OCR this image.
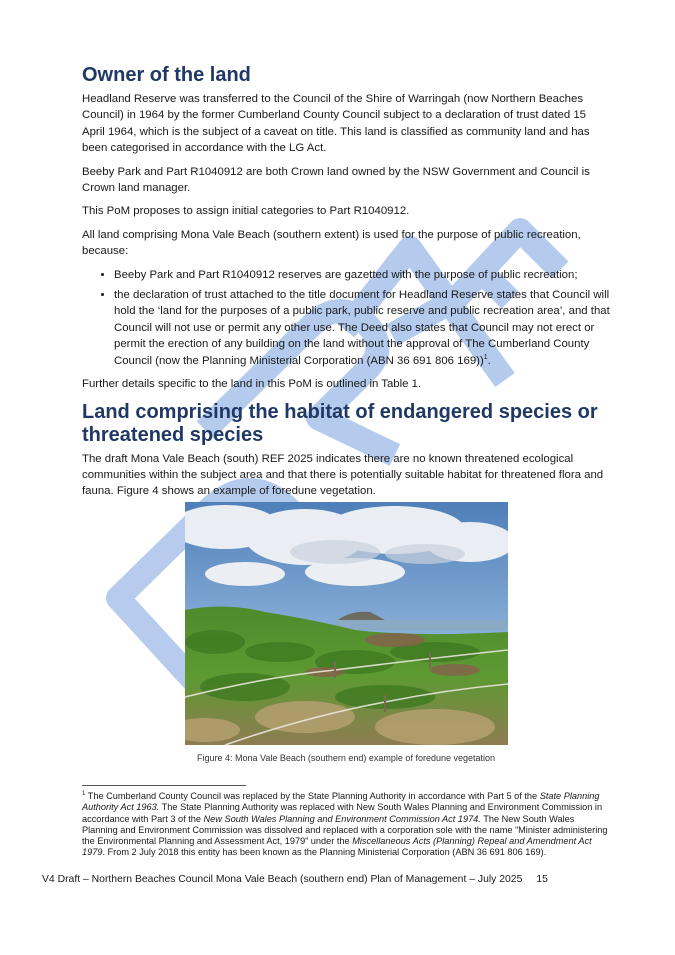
Owner of the land

Headland Reserve was transferred to the Council of the Shire of Warringah (now Northern Beaches Council) in 1964 by the former Cumberland County Council subject to a declaration of trust dated 15 April 1964, which is the subject of a caveat on title. This land is classified as community land and has been categorised in accordance with the LG Act.

Beeby Park and Part R1040912 are both Crown land owned by the NSW Government and Council is Crown land manager.

This PoM proposes to assign initial categories to Part R1040912.

All land comprising Mona Vale Beach (southern extent) is used for the purpose of public recreation, because:

• Beeby Park and Part R1040912 reserves are gazetted with the purpose of public recreation;
• the declaration of trust attached to the title document for Headland Reserve states that Council will hold the ‘land for the purposes of a public park, public reserve and public recreation area’, and that Council will not use or permit any other use. The Deed also states that Council may not erect or permit the erection of any building on the land without the approval of The Cumberland County Council (now the Planning Ministerial Corporation (ABN 36 691 806 169))$^1$.

Further details specific to the land in this PoM is outlined in Table 1.

Land comprising the habitat of endangered species or threatened species

The draft Mona Vale Beach (south) REF 2025 indicates there are no known threatened ecological communities within the subject area and that there is potentially suitable habitat for threatened flora and fauna. Figure 4 shows an example of foredune vegetation.

Figure 4: Mona Vale Beach (southern end) example of foredune vegetation
$^1$ The Cumberland County Council was replaced by the State Planning Authority in accordance with Part 5 of the State Planning Authority Act 1963. The State Planning Authority was replaced with New South Wales Planning and Environment Commission in accordance with Part 3 of the New South Wales Planning and Environment Commission Act 1974. The New South Wales Planning and Environment Commission was dissolved and replaced with a corporation sole with the name “Minister administering the Environmental Planning and Assessment Act, 1979” under the Miscellaneous Acts (Planning) Repeal and Amendment Act 1979. From 2 July 2018 this entity has been known as the Planning Ministerial Corporation (ABN 36 691 806 169).
V4 Draft – Northern Beaches Council Mona Vale Beach (southern end) Plan of Management – July 2025 15
